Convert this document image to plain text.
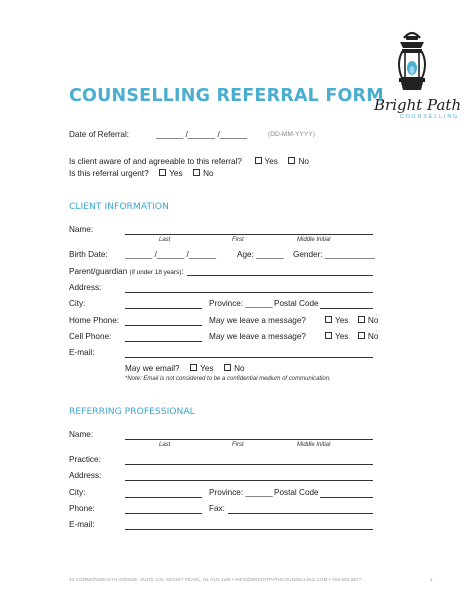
Bright Path
COUNSELLING
COUNSELLING REFERRAL FORM
Date of Referral:	______ /______ /______	(DD-MM-YYYY)
Is client aware of and agreeable to this referral?	Yes	No
Is this referral urgent?	Yes	No
CLIENT INFORMATION
Name:
Last	First	Middle Initial
Birth Date: ______ /______ /______	Age: ______ Gender: ___________
Parent/guardian (if under 18 years):
Address:
City:	Province: ______ Postal Code
Home Phone:	May we leave a message?	Yes No
Cell Phone:	May we leave a message?	Yes No
E-mail:
May we email?	Yes	No
*Note: Email is not considered to be a confidential medium of communication.
REFERRING PROFESSIONAL
Name:
Last	First	Middle Initial
Practice:
Address:
City:	Province: ______ Postal Code
Phone:	Fax:
E-mail:
40 COMMONWEALTH AVENUE, SUITE 102, MOUNT PEARL, NL A1N 1W8 • INFO@BRIGHTPATHCOUNSELLING.COM • 709.693.8877	1
